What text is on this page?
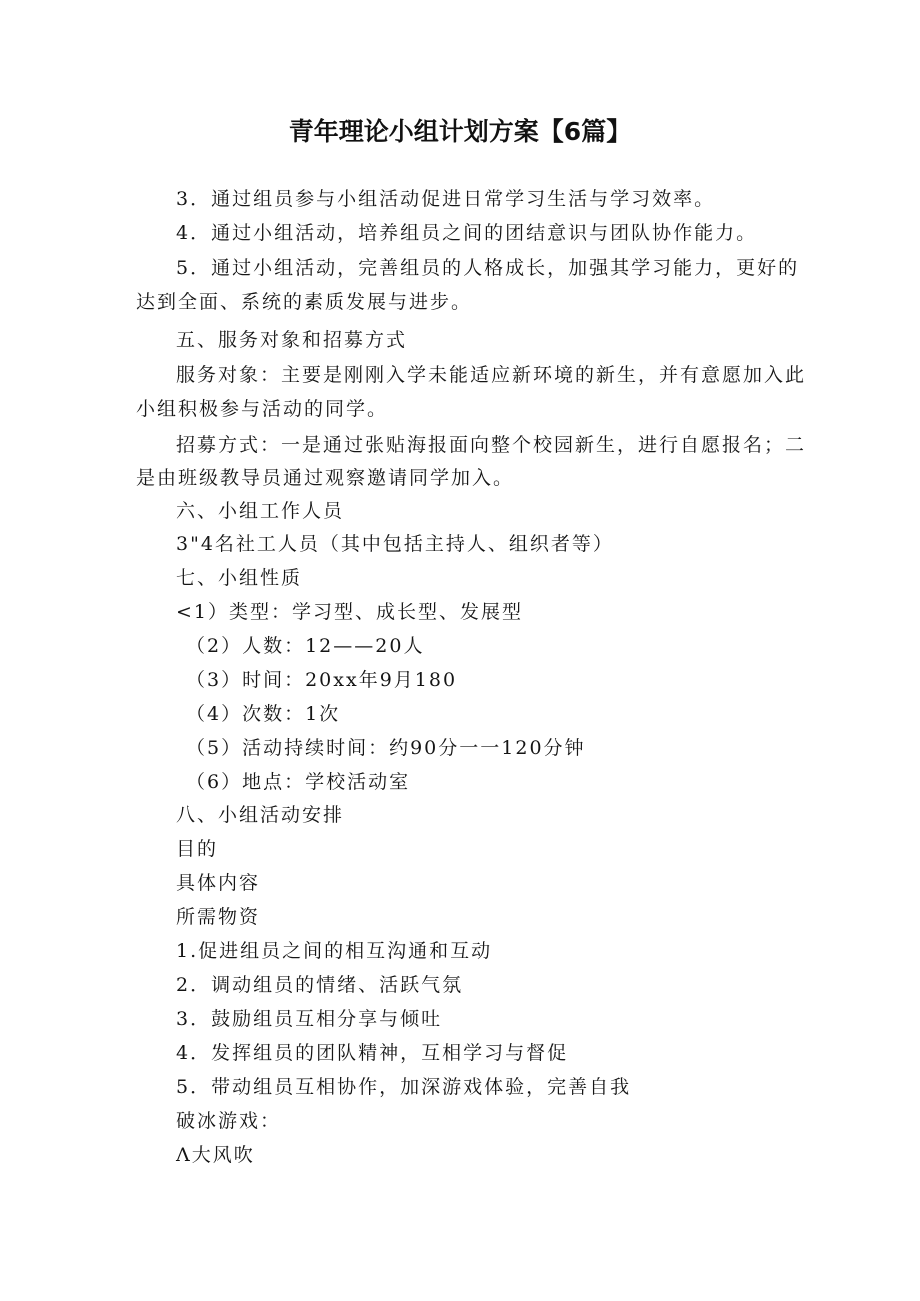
青年理论小组计划方案【6篇】
3．通过组员参与小组活动促进日常学习生活与学习效率。
4．通过小组活动，培养组员之间的团结意识与团队协作能力。
5．通过小组活动，完善组员的人格成长，加强其学习能力，更好的
达到全面、系统的素质发展与进步。
五、服务对象和招募方式
服务对象：主要是刚刚入学未能适应新环境的新生，并有意愿加入此
小组积极参与活动的同学。
招募方式：一是通过张贴海报面向整个校园新生，进行自愿报名；二
是由班级教导员通过观察邀请同学加入。
六、小组工作人员
3"4名社工人员（其中包括主持人、组织者等）
七、小组性质
<1）类型：学习型、成长型、发展型
（2）人数：12——20人
（3）时间：20xx年9月180
（4）次数：1次
（5）活动持续时间：约90分一一120分钟
（6）地点：学校活动室
八、小组活动安排
目的
具体内容
所需物资
1.促进组员之间的相互沟通和互动
2．调动组员的情绪、活跃气氛
3．鼓励组员互相分享与倾吐
4．发挥组员的团队精神，互相学习与督促
5．带动组员互相协作，加深游戏体验，完善自我
破冰游戏：
Λ大风吹
